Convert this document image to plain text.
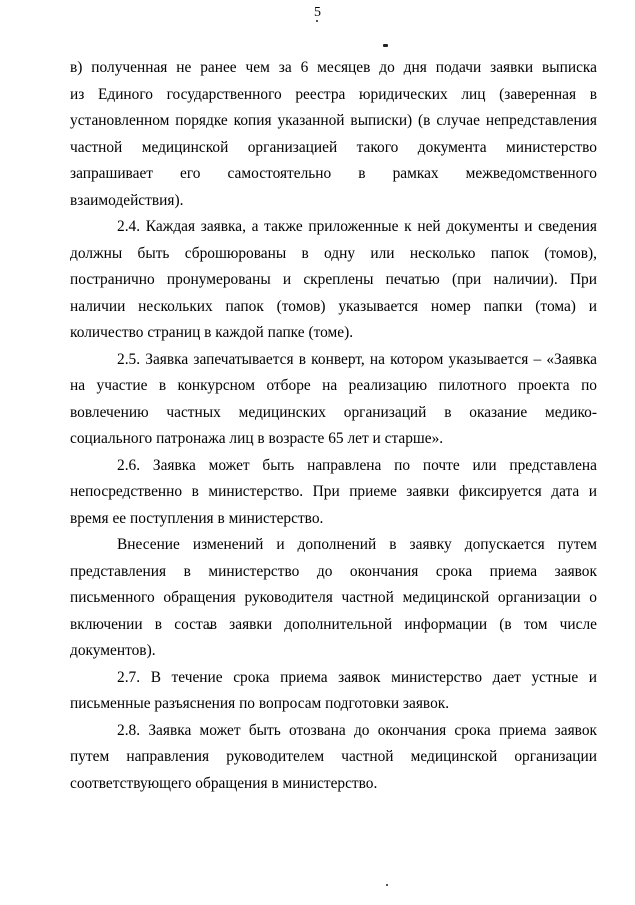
5
в) полученная не ранее чем за 6 месяцев до дня подачи заявки выписка
из Единого государственного реестра юридических лиц (заверенная в
установленном порядке копия указанной выписки) (в случае непредставления
частной медицинской организацией такого документа министерство
запрашивает его самостоятельно в рамках межведомственного
взаимодействия).
2.4. Каждая заявка, а также приложенные к ней документы и сведения
должны быть сброшюрованы в одну или несколько папок (томов),
постранично пронумерованы и скреплены печатью (при наличии). При
наличии нескольких папок (томов) указывается номер папки (тома) и
количество страниц в каждой папке (томе).
2.5. Заявка запечатывается в конверт, на котором указывается – «Заявка
на участие в конкурсном отборе на реализацию пилотного проекта по
вовлечению частных медицинских организаций в оказание медико-
социального патронажа лиц в возрасте 65 лет и старше».
2.6. Заявка может быть направлена по почте или представлена
непосредственно в министерство. При приеме заявки фиксируется дата и
время ее поступления в министерство.
Внесение изменений и дополнений в заявку допускается путем
представления в министерство до окончания срока приема заявок
письменного обращения руководителя частной медицинской организации о
включении в состав заявки дополнительной информации (в том числе
документов).
2.7. В течение срока приема заявок министерство дает устные и
письменные разъяснения по вопросам подготовки заявок.
2.8. Заявка может быть отозвана до окончания срока приема заявок
путем направления руководителем частной медицинской организации
соответствующего обращения в министерство.
